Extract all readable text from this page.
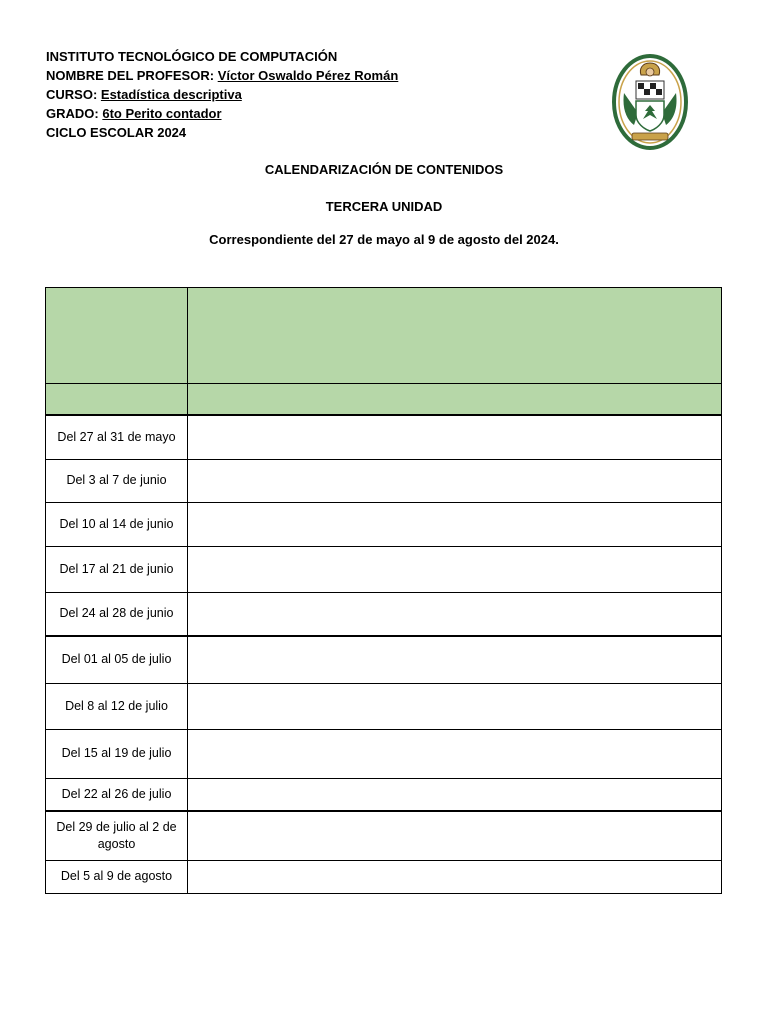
INSTITUTO TECNOLÓGICO DE COMPUTACIÓN
NOMBRE DEL PROFESOR: Víctor Oswaldo Pérez Román
CURSO: Estadística descriptiva
GRADO: 6to Perito contador
CICLO ESCOLAR 2024
CALENDARIZACIÓN DE CONTENIDOS
TERCERA UNIDAD
Correspondiente del 27 de mayo al 9 de agosto del 2024.

Del 27 al 31 de mayo	
Del 3 al 7 de junio	
Del 10 al 14 de junio	
Del 17 al 21 de junio	
Del 24 al 28 de junio	
Del 01 al 05 de julio	
Del 8 al 12 de julio	
Del 15 al 19 de julio	
Del 22 al 26 de julio	
Del 29 de julio al 2 de agosto	
Del 5 al 9 de agosto	
